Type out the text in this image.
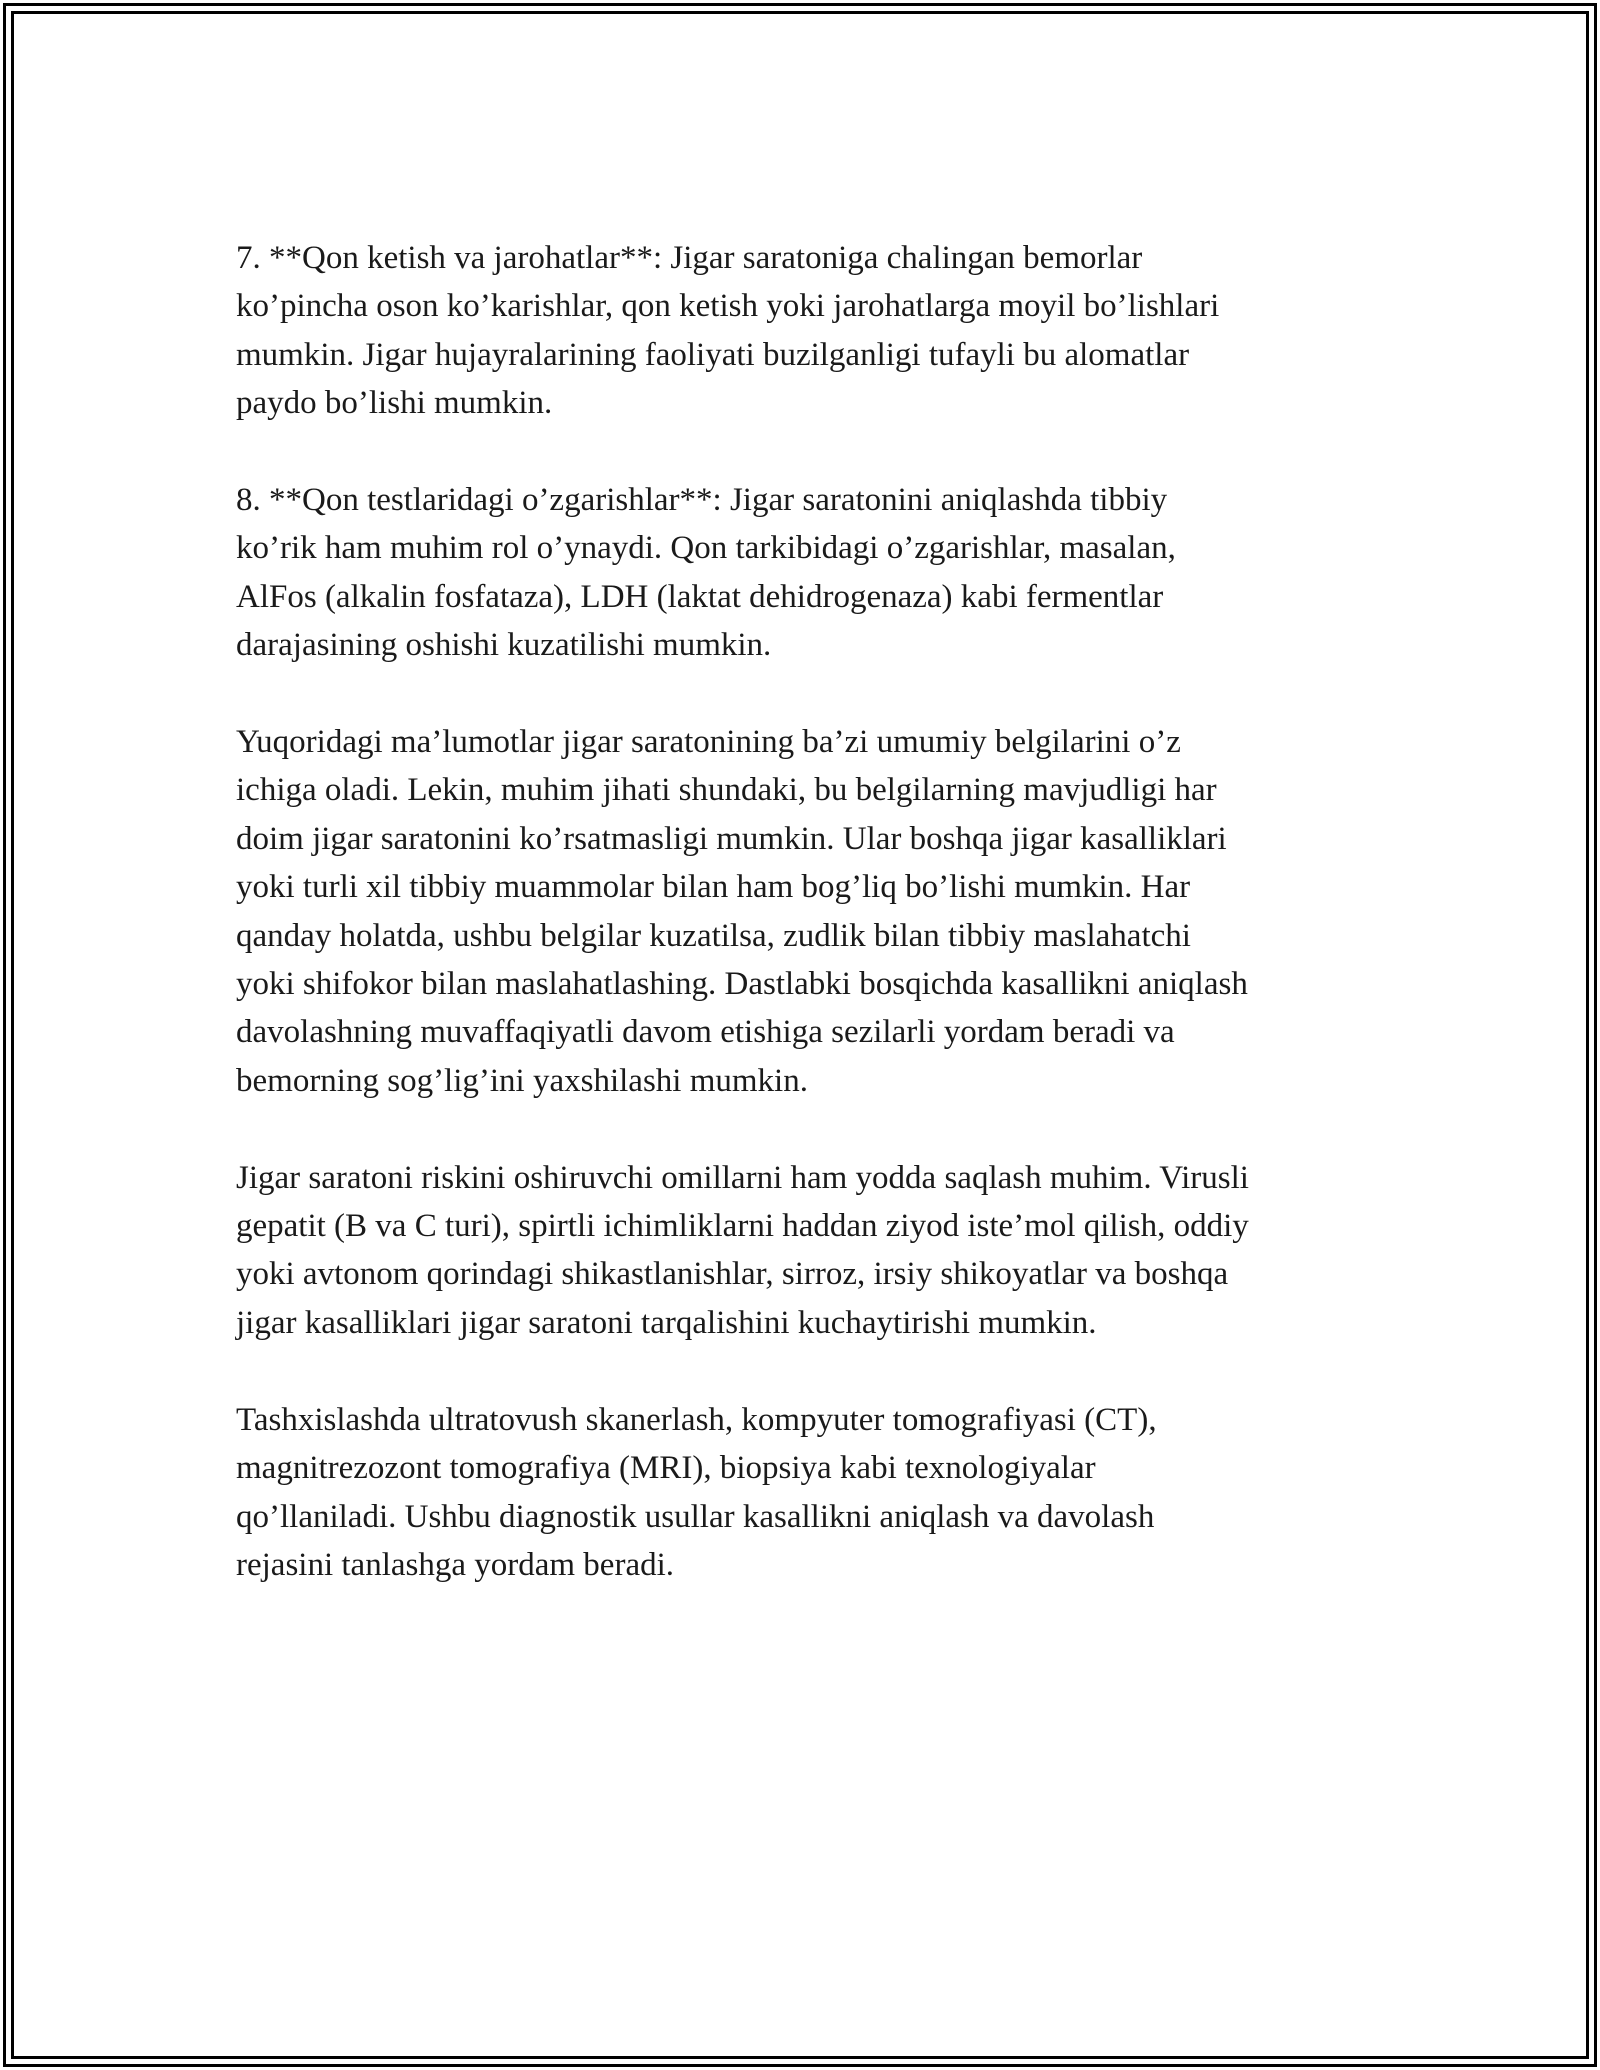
7. **Qon ketish va jarohatlar**: Jigar saratoniga chalingan bemorlar
ko’pincha oson ko’karishlar, qon ketish yoki jarohatlarga moyil bo’lishlari
mumkin. Jigar hujayralarining faoliyati buzilganligi tufayli bu alomatlar
paydo bo’lishi mumkin.
8. **Qon testlaridagi o’zgarishlar**: Jigar saratonini aniqlashda tibbiy
ko’rik ham muhim rol o’ynaydi. Qon tarkibidagi o’zgarishlar, masalan,
AlFos (alkalin fosfataza), LDH (laktat dehidrogenaza) kabi fermentlar
darajasining oshishi kuzatilishi mumkin.
Yuqoridagi ma’lumotlar jigar saratonining ba’zi umumiy belgilarini o’z
ichiga oladi. Lekin, muhim jihati shundaki, bu belgilarning mavjudligi har
doim jigar saratonini ko’rsatmasligi mumkin. Ular boshqa jigar kasalliklari
yoki turli xil tibbiy muammolar bilan ham bog’liq bo’lishi mumkin. Har
qanday holatda, ushbu belgilar kuzatilsa, zudlik bilan tibbiy maslahatchi
yoki shifokor bilan maslahatlashing. Dastlabki bosqichda kasallikni aniqlash
davolashning muvaffaqiyatli davom etishiga sezilarli yordam beradi va
bemorning sog’lig’ini yaxshilashi mumkin.
Jigar saratoni riskini oshiruvchi omillarni ham yodda saqlash muhim. Virusli
gepatit (B va C turi), spirtli ichimliklarni haddan ziyod iste’mol qilish, oddiy
yoki avtonom qorindagi shikastlanishlar, sirroz, irsiy shikoyatlar va boshqa
jigar kasalliklari jigar saratoni tarqalishini kuchaytirishi mumkin.
Tashxislashda ultratovush skanerlash, kompyuter tomografiyasi (CT),
magnitrezozont tomografiya (MRI), biopsiya kabi texnologiyalar
qo’llaniladi. Ushbu diagnostik usullar kasallikni aniqlash va davolash
rejasini tanlashga yordam beradi.
